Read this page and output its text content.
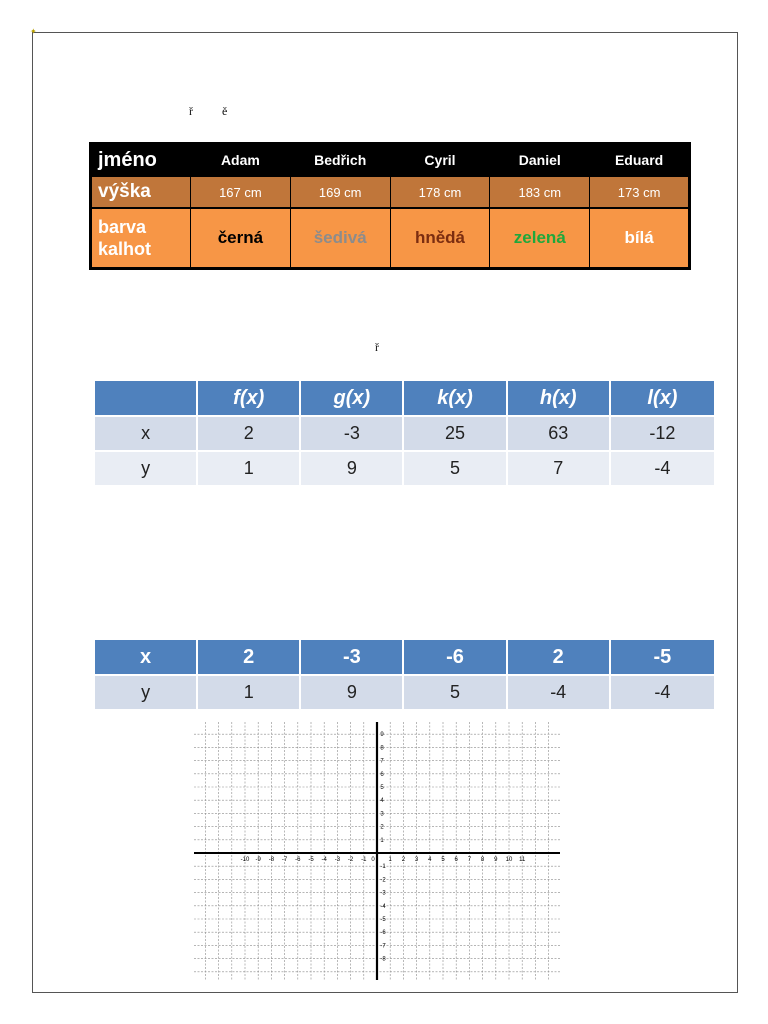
✦
ř ě
ř
jméno	Adam	Bedřich	Cyril	Daniel	Eduard
výška	167 cm	169 cm	178 cm	183 cm	173 cm
barva
kalhot	černá	šedivá	hnědá	zelená	bílá
	f(x)	g(x)	k(x)	h(x)	l(x)
x	2	-3	25	63	-12
y	1	9	5	7	-4
x	2	-3	-6	2	-5
y	1	9	5	-4	-4
-10 -9 -8 -7 -6 -5 -4 -3 -2 -1 0 1 2 3 4 5 6 7 8 9 10 11
9
8
7
6
5
4
3
2
1
-1
-2
-3
-4
-5
-6
-7
-8
